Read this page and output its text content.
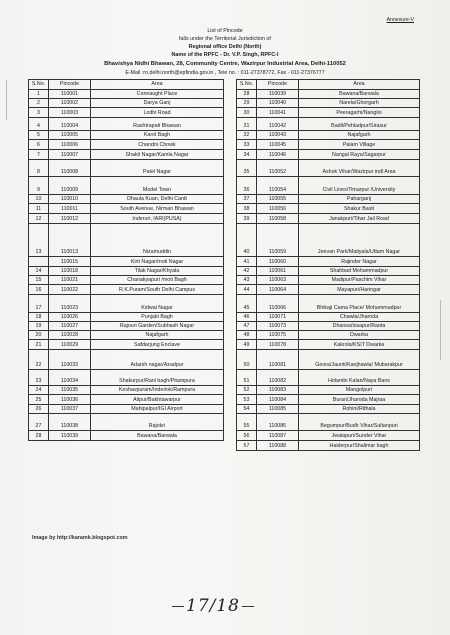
Annexure-V
List of Pincode
falls under the Territorial Jurisdiction of
Regional office Delhi (North)
Name of the RPFC - Dr. V.P. Singh, RPFC-I
Bhavishya Nidhi Bhawan, 28, Community Centre, Wazirpur Industrial Area, Delhi-110052
E-Mail :ro.delhi.north@epfindia.gov.in , Tele no. : 011-27378772, Fax - 011-27376777
S.No.	Pincode	Area
1	110001	Connaught Place
2	110002	Darya Ganj
3	110003	Lodhi Road
4	110004	Rashtrapati Bhawan
5	110005	Karol Bagh
6	110006	Chandni Chowk
7	110007	Shakti Nagar/Kamla Nagar
8	110008	Patel Nagar
9	110009	Model Town
10	110010	Dhaula Kuan, Delhi Cantt
11	110011	South Avenue, Nirman Bhawan
12	110012	Inderuri, IARI(PUSA)
13	110013	Nizamuddin
	110015	Kirti Nagar/moti Nagar
14	110018	Tilak Nagar/Khyala
15	110021	Chanakyapuri /moti Bagh
16	110022	R.K.Puram/South Delhi Campus
17	110023	Kidwai Nagar
18	110026	Punjabi Bagh
19	110027	Rajouri Garden/Subhash Nagar
20	110028	Najafgarh
21	110029	Safdarjung Enclave
22	110033	Adarsh nagar/Azadpur
23	110034	Shakurpur/Rani bagh/Pitampura
24	110035	Keshavpuram/Inderlok/Rampura
25	110036	Alipur/Bakhtawarpur
26	110037	Mahipalpur/IGI Airport
27	110038	Rajokri
28	110039	Bawana/Barwala
S.No.	Pincode	Area
28	110039	Bawana/Barwala
29	110040	Narela/Ghorgarh
30	110041	Peeragarhi/Nangloi
31	110042	Badli/Pehladpur/Sirasur
32	110043	Najafgarh
33	110045	Palam Village
34	110046	Nangal Raya/Sagarpur
35	110052	Ashok Vihar/Wazirpur indl Area
36	110054	Civil Lines/Timarpur /University
37	110055	Paharganj
38	110056	Shakur Basti
39	110058	Janakpuri/Tihar Jail Road
40	110059	Jeevan Park/Matiyala/Uttam Nagar
41	110060	Rajinder Nagar
42	110061	Shahbad Mohammadpur
43	110063	Madipur/Paschim Vihar
44	110064	Mayapuri/Haringar
45	110066	Bhikaji Cama Place/ Mohammadpur
46	110071	Chawla/Jharoda
47	110073	Dhansa/Issapur/Raota
48	110075	Dwarka
49	110078	Kakrola/KSIT Dwarka
50	110081	Geora/Jaunti/Kanjhawla/ Mubarakpur
51	110082	Holambi Kalan/Naya Bans
52	110083	Mangolpuri
53	110084	Burari/Jharoda Majraa
54	110085	Rohini/Rithala
55	110086	Begumpur/Budh Vihar/Sultanpuri
56	110087	Jwalapuri/Sunder Vihar
57	110088	Haiderpur/Shalimar bagh
Image by http://karamk.blogspot.com
17/18
